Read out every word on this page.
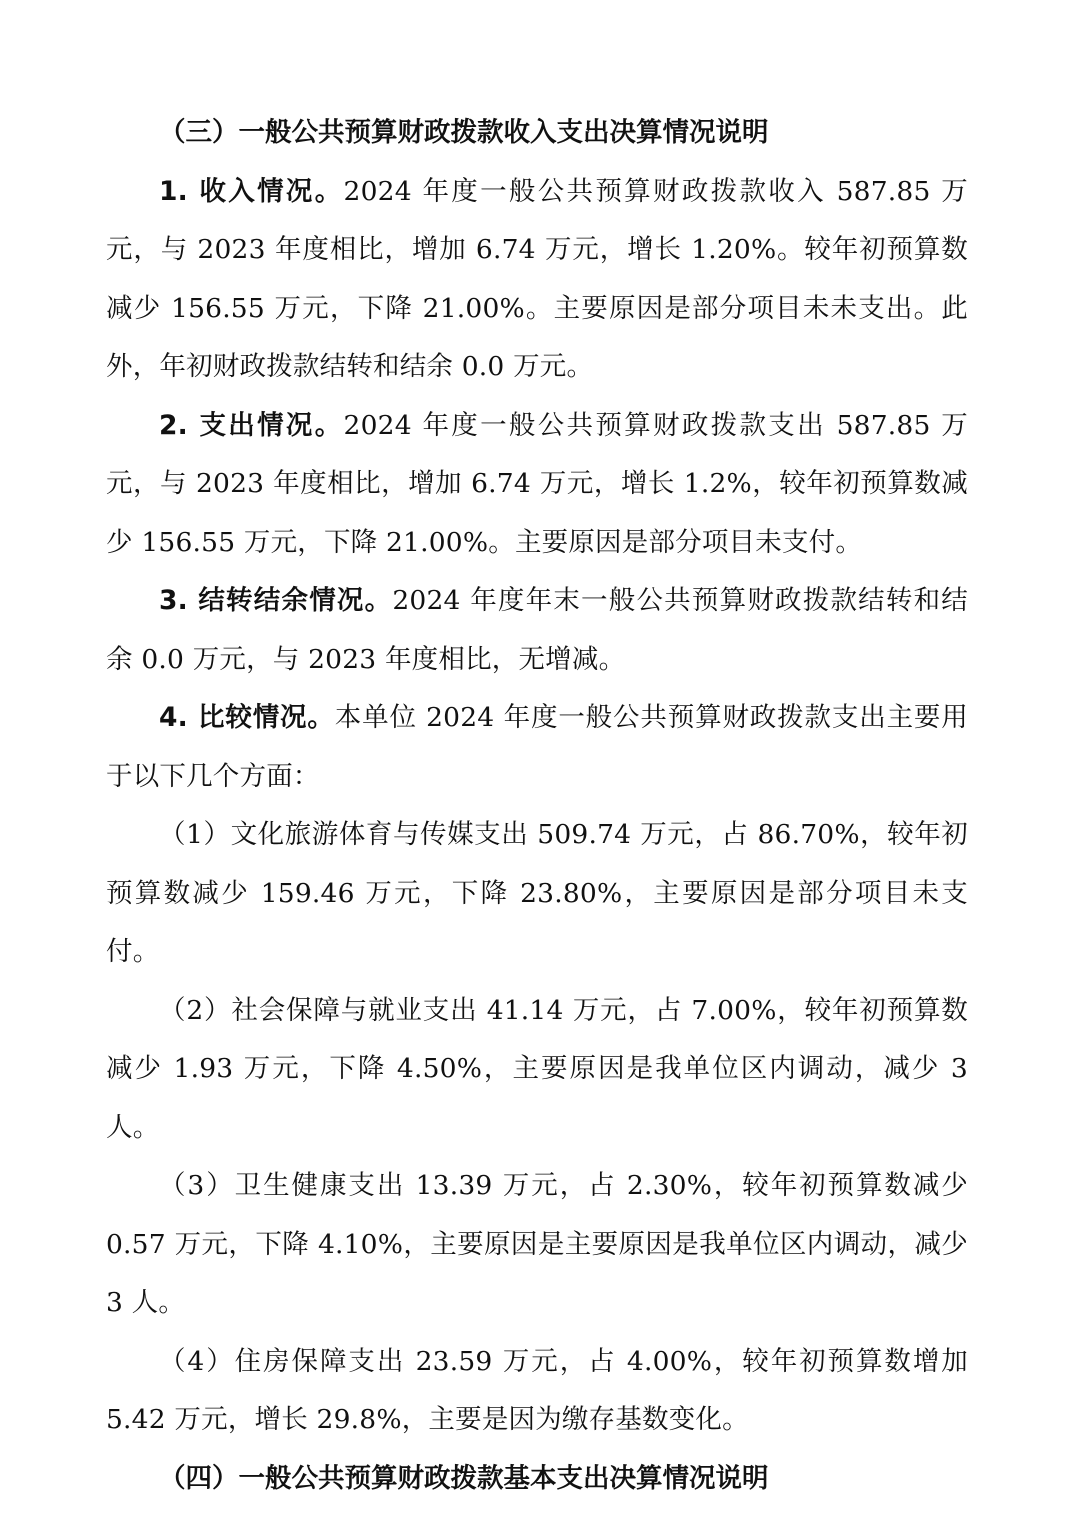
（三）一般公共预算财政拨款收入支出决算情况说明

1. 收入情况。2024 年度一般公共预算财政拨款收入 587.85 万元，与 2023 年度相比，增加 6.74 万元，增长 1.20%。较年初预算数减少 156.55 万元，下降 21.00%。主要原因是部分项目未未支出。此外，年初财政拨款结转和结余 0.0 万元。

2. 支出情况。2024 年度一般公共预算财政拨款支出 587.85 万元，与 2023 年度相比，增加 6.74 万元，增长 1.2%，较年初预算数减少 156.55 万元，下降 21.00%。主要原因是部分项目未支付。

3. 结转结余情况。2024 年度年末一般公共预算财政拨款结转和结余 0.0 万元，与 2023 年度相比，无增减。

4. 比较情况。本单位 2024 年度一般公共预算财政拨款支出主要用于以下几个方面：

（1）文化旅游体育与传媒支出 509.74 万元，占 86.70%，较年初预算数减少 159.46 万元，下降 23.80%，主要原因是部分项目未支付。

（2）社会保障与就业支出 41.14 万元，占 7.00%，较年初预算数减少 1.93 万元，下降 4.50%，主要原因是我单位区内调动，减少 3 人。

（3）卫生健康支出 13.39 万元，占 2.30%，较年初预算数减少 0.57 万元，下降 4.10%，主要原因是主要原因是我单位区内调动，减少 3 人。

（4）住房保障支出 23.59 万元，占 4.00%，较年初预算数增加 5.42 万元，增长 29.8%，主要是因为缴存基数变化。

（四）一般公共预算财政拨款基本支出决算情况说明
